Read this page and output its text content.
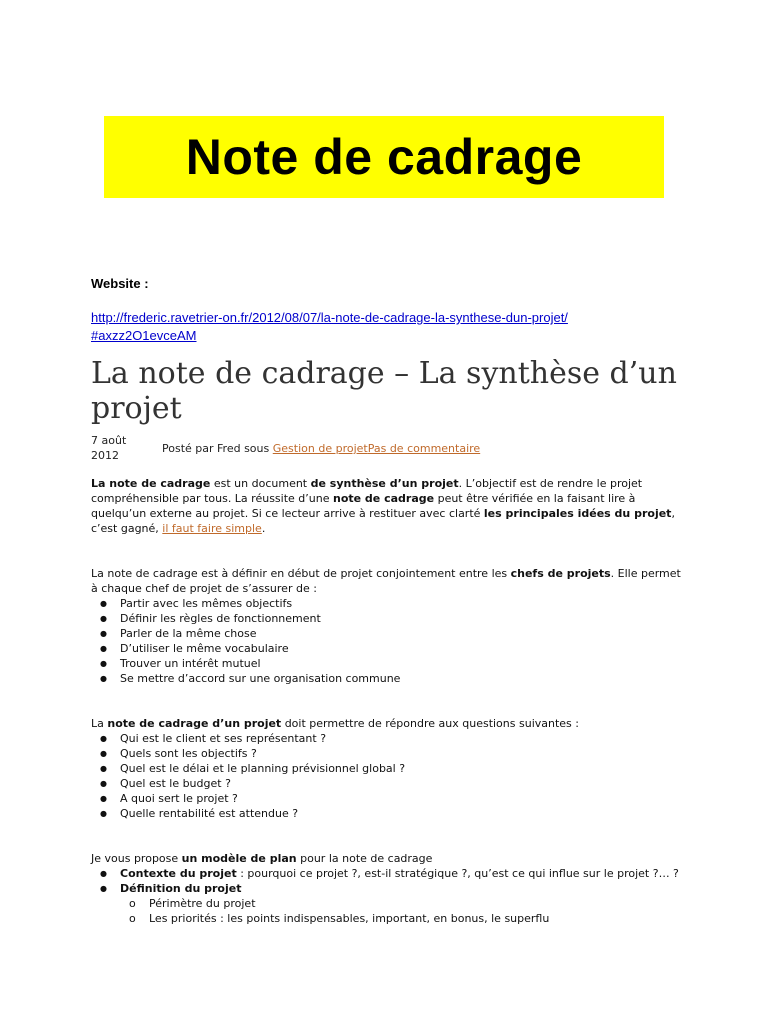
Note de cadrage
Website :
http://frederic.ravetrier-on.fr/2012/08/07/la-note-de-cadrage-la-synthese-dun-projet/
#axzz2O1evceAM
La note de cadrage – La synthèse d’un projet
7 août
2012
Posté par Fred sous Gestion de projetPas de commentaire

La note de cadrage est un document de synthèse d’un projet. L’objectif est de rendre le projet compréhensible par tous. La réussite d’une note de cadrage peut être vérifiée en la faisant lire à quelqu’un externe au projet. Si ce lecteur arrive à restituer avec clarté les principales idées du projet, c’est gagné, il faut faire simple.

La note de cadrage est à définir en début de projet conjointement entre les chefs de projets. Elle permet à chaque chef de projet de s’assurer de :

● Partir avec les mêmes objectifs
● Définir les règles de fonctionnement
● Parler de la même chose
● D’utiliser le même vocabulaire
● Trouver un intérêt mutuel
● Se mettre d’accord sur une organisation commune

La note de cadrage d’un projet doit permettre de répondre aux questions suivantes :

● Qui est le client et ses représentant ?
● Quels sont les objectifs ?
● Quel est le délai et le planning prévisionnel global ?
● Quel est le budget ?
● A quoi sert le projet ?
● Quelle rentabilité est attendue ?

Je vous propose un modèle de plan pour la note de cadrage

● Contexte du projet : pourquoi ce projet ?, est-il stratégique ?, qu’est ce qui influe sur le projet ?… ?
● Définition du projet
o Périmètre du projet
o Les priorités : les points indispensables, important, en bonus, le superflu
